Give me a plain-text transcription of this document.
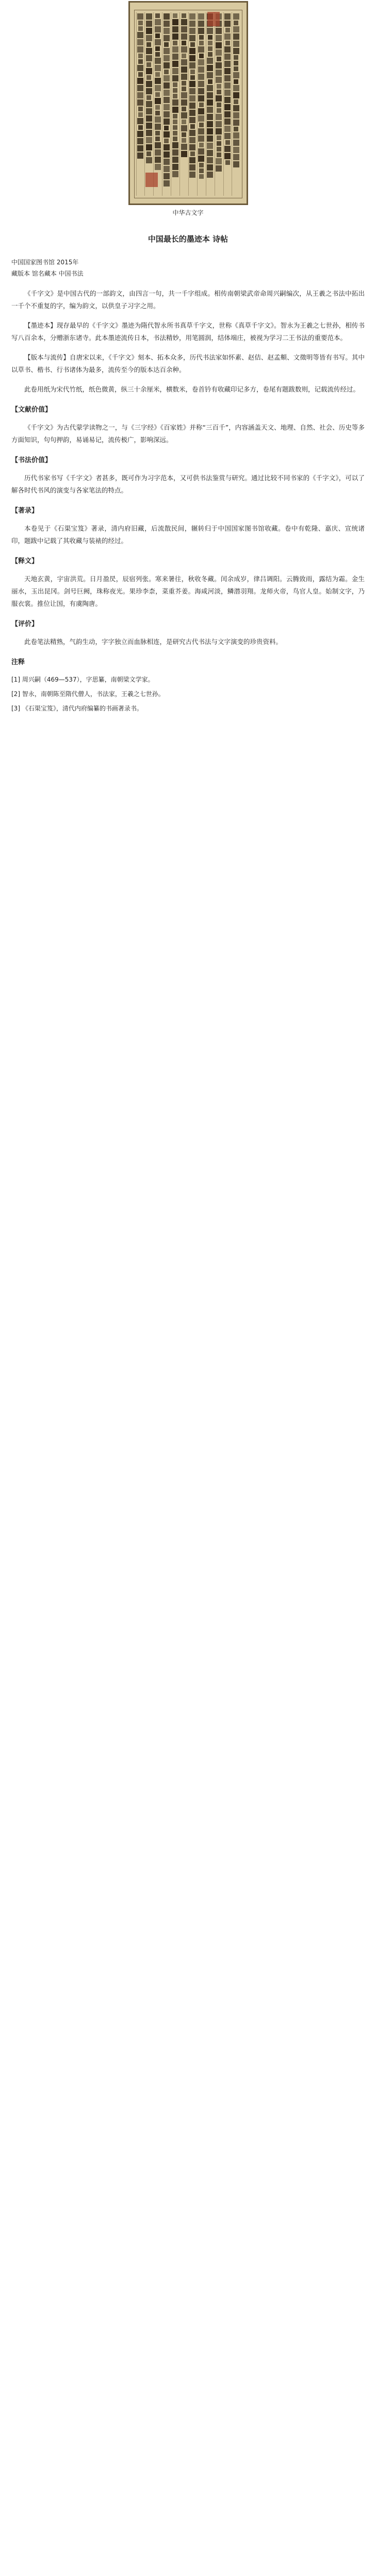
中华古文字

中国最长的墨迹本 诗帖

中国国家图书馆 2015年

藏版本 馆名藏本 中国书法

《千字文》是中国古代的一部韵文，由四言一句，共一千字组成。相传南朝梁武帝命周兴嗣编次，从王羲之书法中拓出一千个不重复的字，编为韵文，以供皇子习字之用。

【墨迹本】现存最早的《千字文》墨迹为隋代智永所书真草千字文，世称《真草千字文》。智永为王羲之七世孙，相传书写八百余本，分赠浙东诸寺。此本墨迹流传日本，书法精妙，用笔圆润，结体端庄，被视为学习二王书法的重要范本。

【版本与流传】自唐宋以来，《千字文》刻本、拓本众多，历代书法家如怀素、赵佶、赵孟頫、文徵明等皆有书写。其中以草书、楷书、行书诸体为最多，流传至今的版本达百余种。

此卷用纸为宋代竹纸，纸色微黄，纵三十余厘米，横数米，卷首钤有收藏印记多方，卷尾有题跋数则，记载流传经过。

【文献价值】

《千字文》为古代蒙学读物之一，与《三字经》《百家姓》并称“三百千”，内容涵盖天文、地理、自然、社会、历史等多方面知识，句句押韵，易诵易记，流传极广，影响深远。

【书法价值】

历代书家书写《千字文》者甚多，既可作为习字范本，又可供书法鉴赏与研究。通过比较不同书家的《千字文》，可以了解各时代书风的演变与各家笔法的特点。

【著录】

本卷见于《石渠宝笈》著录，清内府旧藏，后流散民间，辗转归于中国国家图书馆收藏。卷中有乾隆、嘉庆、宣统诸印，题跋中记载了其收藏与装裱的经过。

【释文】

天地玄黄，宇宙洪荒。日月盈昃，辰宿列张。寒来暑往，秋收冬藏。闰余成岁，律吕调阳。云腾致雨，露结为霜。金生丽水，玉出昆冈。剑号巨阙，珠称夜光。果珍李柰，菜重芥姜。海咸河淡，鳞潜羽翔。龙师火帝，鸟官人皇。始制文字，乃服衣裳。推位让国，有虞陶唐。

【评价】

此卷笔法精熟，气韵生动，字字独立而血脉相连，是研究古代书法与文字演变的珍贵资料。

注释

[1] 周兴嗣（469—537），字思纂，南朝梁文学家。

[2] 智永，南朝陈至隋代僧人，书法家，王羲之七世孙。

[3] 《石渠宝笈》，清代内府编纂的书画著录书。
